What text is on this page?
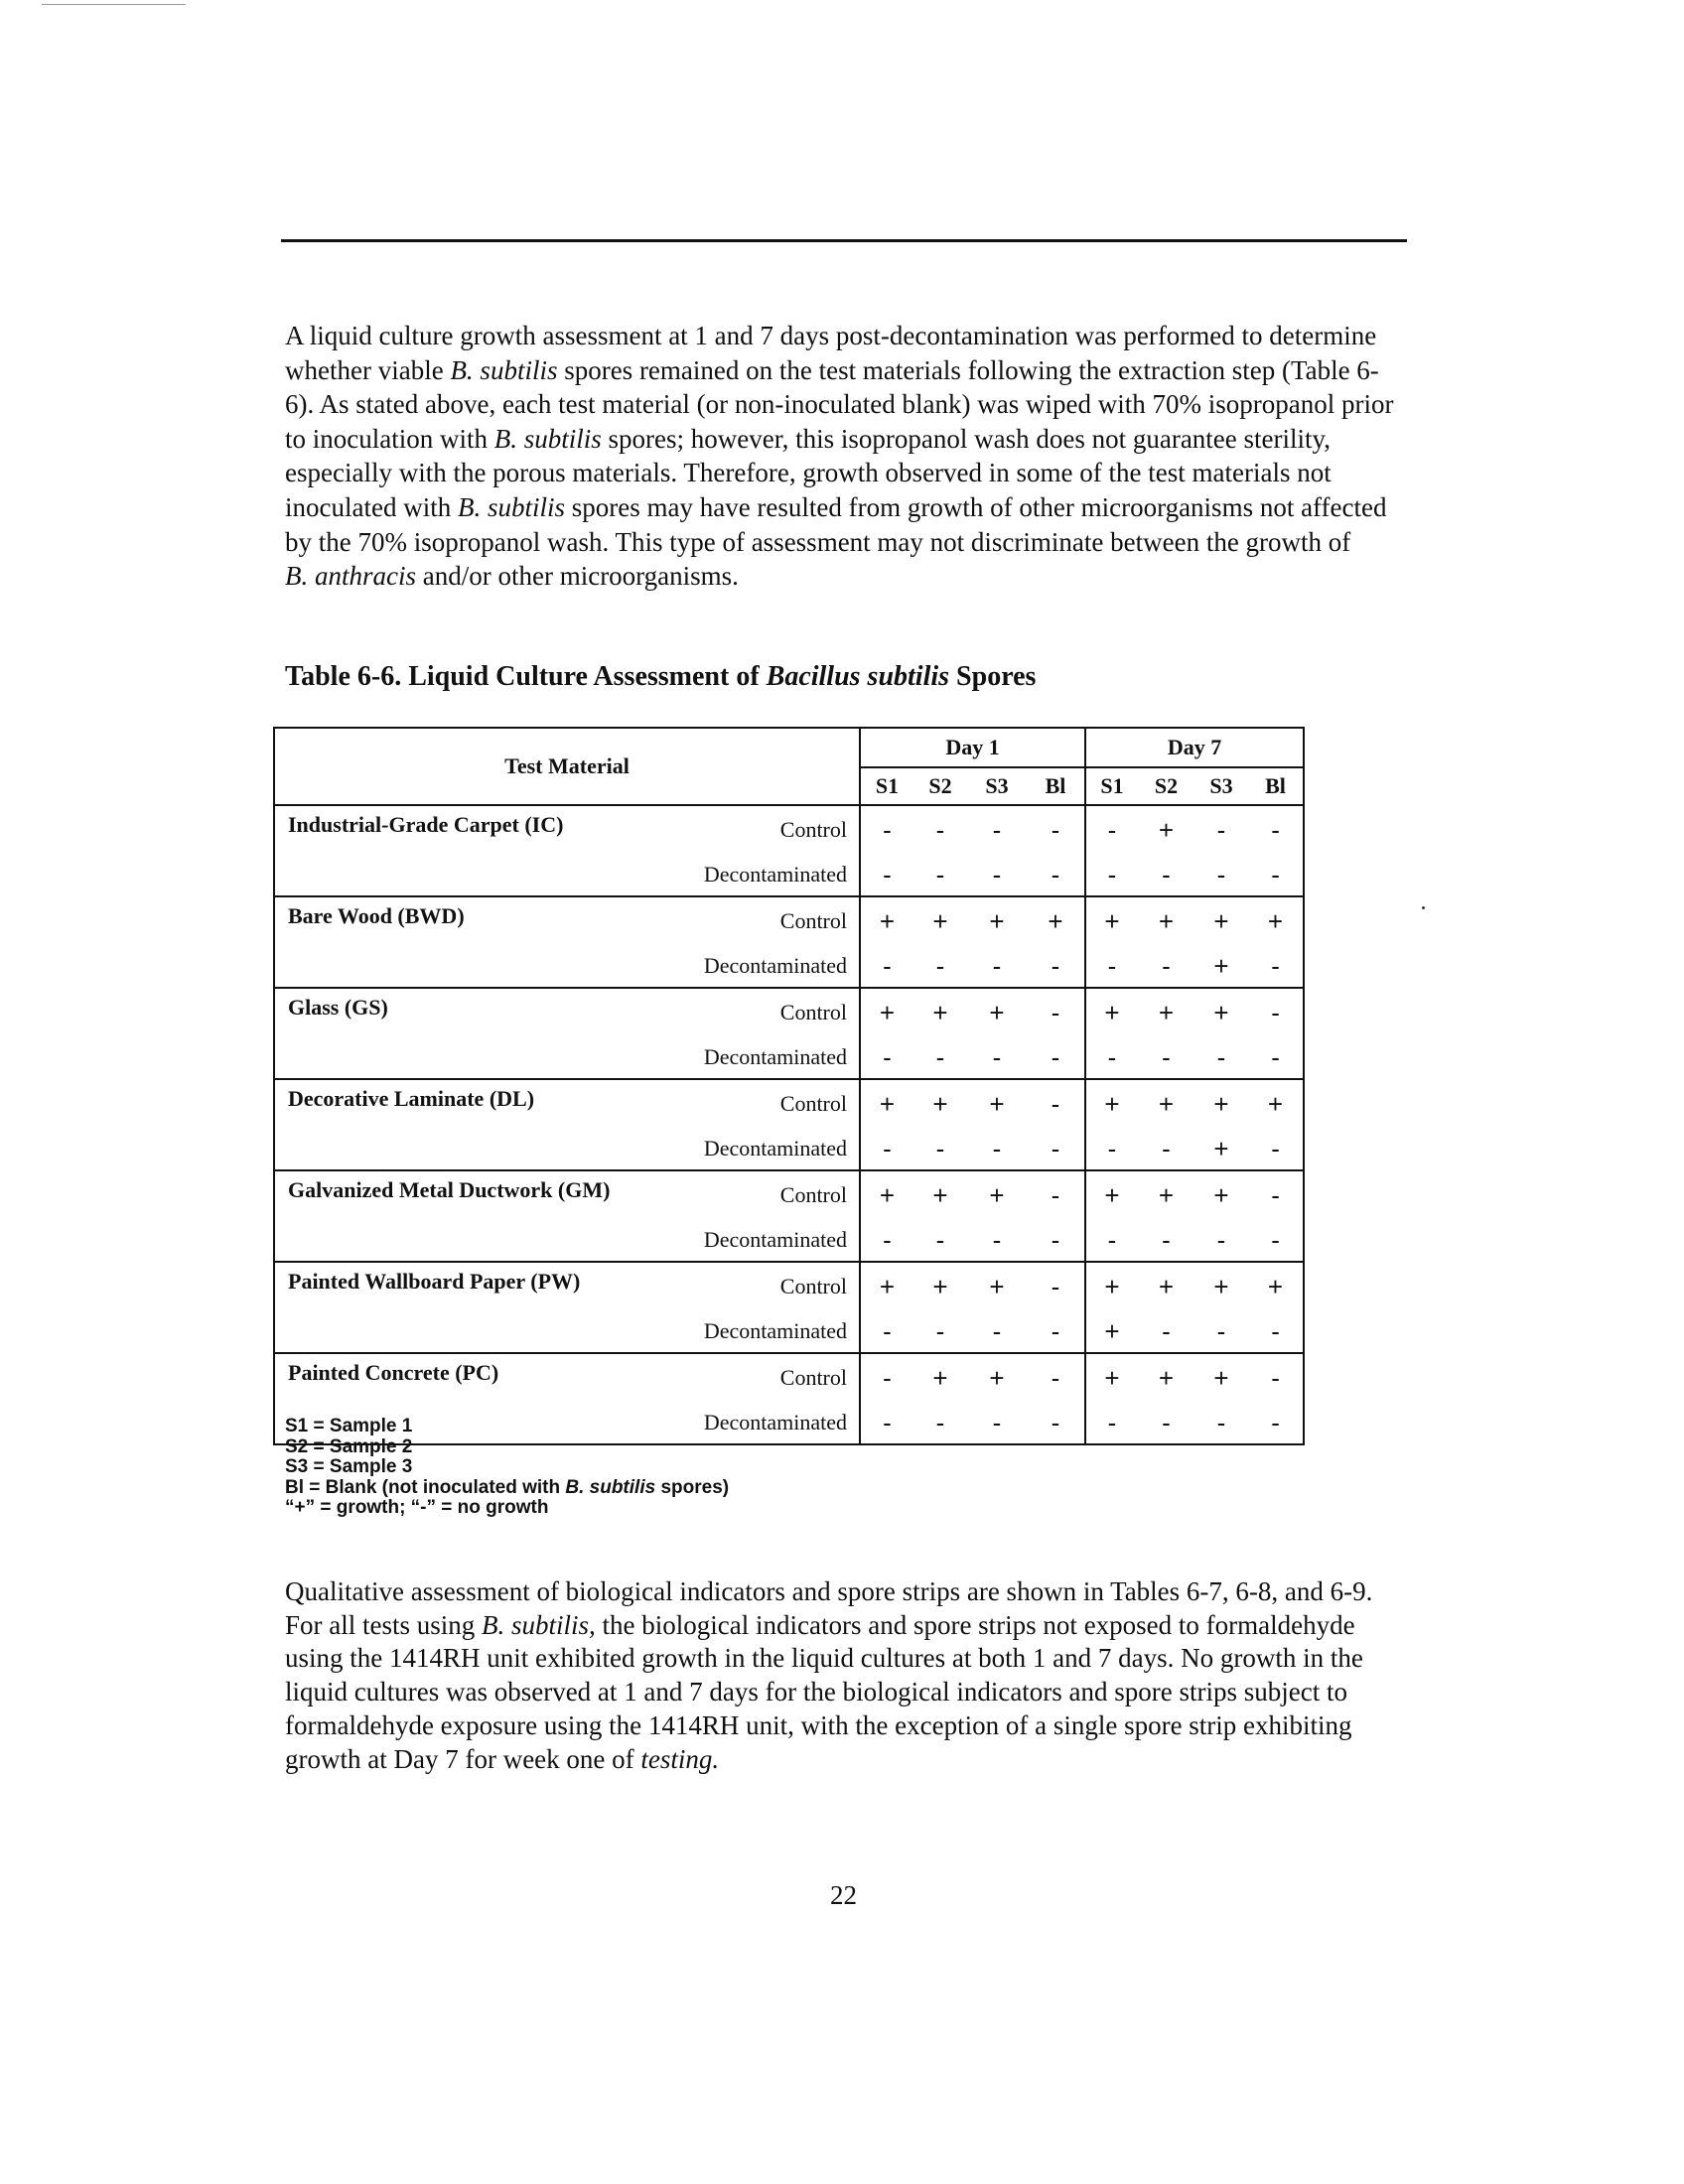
A liquid culture growth assessment at 1 and 7 days post-decontamination was performed to determine whether viable B. subtilis spores remained on the test materials following the extraction step (Table 6-6). As stated above, each test material (or non-inoculated blank) was wiped with 70% isopropanol prior to inoculation with B. subtilis spores; however, this isopropanol wash does not guarantee sterility, especially with the porous materials. Therefore, growth observed in some of the test materials not inoculated with B. subtilis spores may have resulted from growth of other microorganisms not affected by the 70% isopropanol wash. This type of assessment may not discriminate between the growth of
B. anthracis and/or other microorganisms.

Table 6-6. Liquid Culture Assessment of Bacillus subtilis Spores

Test Material		Day 1				Day 7			
		S1	S2	S3	Bl	S1	S2	S3	Bl
Industrial-Grade Carpet (IC)	Control	-	-	-	-	-	+	-	-
	Decontaminated	-	-	-	-	-	-	-	-
Bare Wood (BWD)	Control	+	+	+	+	+	+	+	+
	Decontaminated	-	-	-	-	-	-	+	-
Glass (GS)	Control	+	+	+	-	+	+	+	-
	Decontaminated	-	-	-	-	-	-	-	-
Decorative Laminate (DL)	Control	+	+	+	-	+	+	+	+
	Decontaminated	-	-	-	-	-	-	+	-
Galvanized Metal Ductwork (GM)	Control	+	+	+	-	+	+	+	-
	Decontaminated	-	-	-	-	-	-	-	-
Painted Wallboard Paper (PW)	Control	+	+	+	-	+	+	+	+
	Decontaminated	-	-	-	-	+	-	-	-
Painted Concrete (PC)	Control	-	+	+	-	+	+	+	-
	Decontaminated	-	-	-	-	-	-	-	-
S1 = Sample 1
S2 = Sample 2
S3 = Sample 3
Bl = Blank (not inoculated with B. subtilis spores)
“+” = growth; “-” = no growth

Qualitative assessment of biological indicators and spore strips are shown in Tables 6-7, 6-8, and 6-9. For all tests using B. subtilis, the biological indicators and spore strips not exposed to formaldehyde using the 1414RH unit exhibited growth in the liquid cultures at both 1 and 7 days. No growth in the liquid cultures was observed at 1 and 7 days for the biological indicators and spore strips subject to formaldehyde exposure using the 1414RH unit, with the exception of a single spore strip exhibiting growth at Day 7 for week one of testing.

22
